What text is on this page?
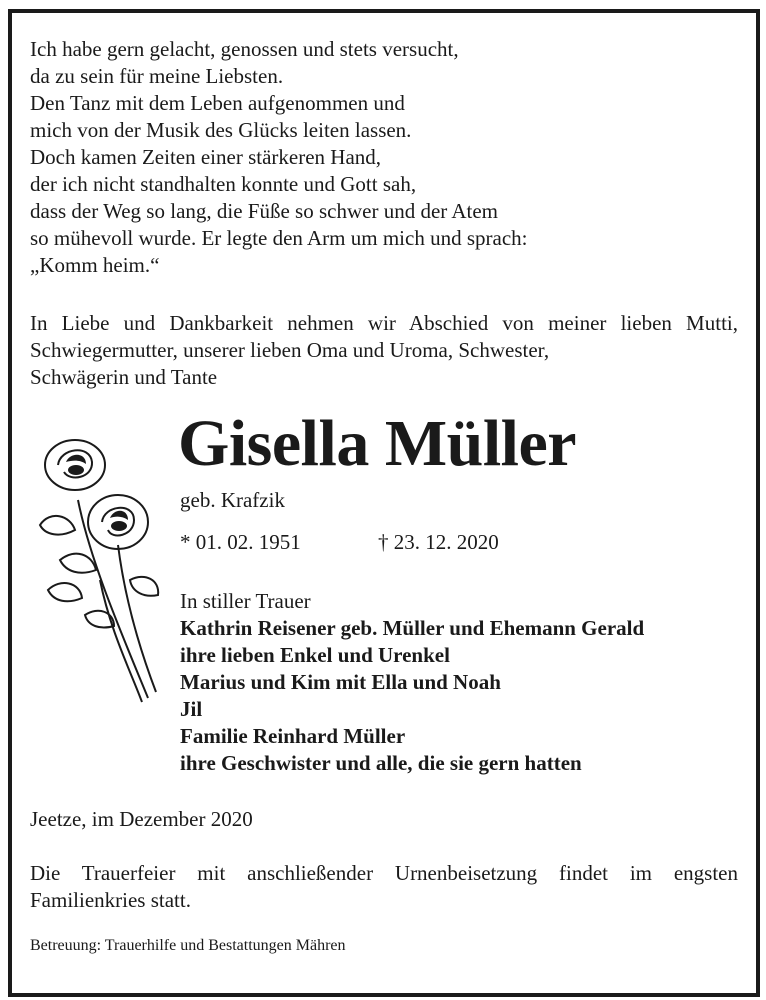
Ich habe gern gelacht, genossen und stets versucht,
da zu sein für meine Liebsten.
Den Tanz mit dem Leben aufgenommen und
mich von der Musik des Glücks leiten lassen.
Doch kamen Zeiten einer stärkeren Hand,
der ich nicht standhalten konnte und Gott sah,
dass der Weg so lang, die Füße so schwer und der Atem
so mühevoll wurde. Er legte den Arm um mich und sprach:
„Komm heim.“

In Liebe und Dankbarkeit nehmen wir Abschied von meiner lieben Mutti, Schwiegermutter, unserer lieben Oma und Uroma, Schwester,

Schwägerin und Tante

Gisella Müller
geb. Krafzik
* 01. 02. 1951	† 23. 12. 2020
In stiller Trauer
Kathrin Reisener geb. Müller und Ehemann Gerald
ihre lieben Enkel und Urenkel
Marius und Kim mit Ella und Noah
Jil
Familie Reinhard Müller
ihre Geschwister und alle, die sie gern hatten
Jeetze, im Dezember 2020
Die Trauerfeier mit anschließender Urnenbeisetzung findet im engsten Familienkries statt.
Betreuung: Trauerhilfe und Bestattungen Mähren
